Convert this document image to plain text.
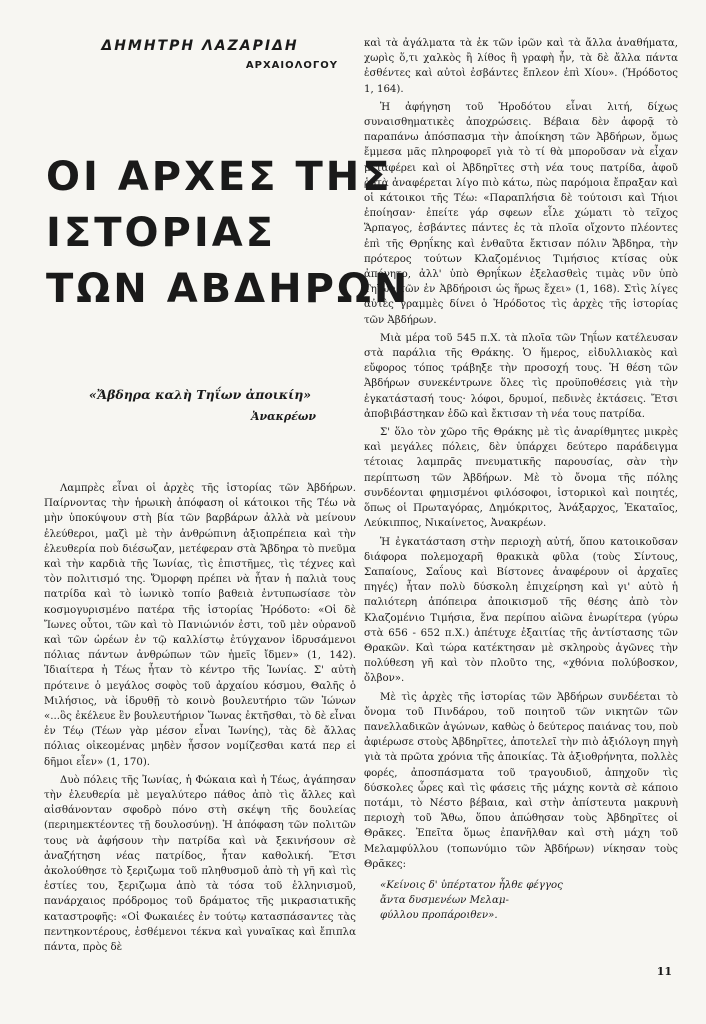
ΔΗΜΗΤΡΗ ΛΑΖΑΡΙΔΗ
ΑΡΧΑΙΟΛΟΓΟΥ
ΟΙ ΑΡΧΕΣ ΤΗΣ
ΙΣΤΟΡΙΑΣ
ΤΩΝ ΑΒΔΗΡΩΝ
«Ἄβδηρα καλὴ Τηΐων ἀποικίη»
Ἀνακρέων

Λαμπρὲς εἶναι οἱ ἀρχὲς τῆς ἱστορίας τῶν Ἀβδήρων. Παίρνοντας τὴν ἡρωικὴ ἀπόφαση οἱ κάτοικοι τῆς Τέω νὰ μὴν ὑποκύψουν στὴ βία τῶν βαρβάρων ἀλλὰ νὰ μείνουν ἐλεύθεροι, μαζὶ μὲ τὴν ἀνθρώπινη ἀξιοπρέπεια καὶ τὴν ἐλευθερία ποὺ διέσωζαν, μετέφεραν στὰ Ἄβδηρα τὸ πνεῦμα καὶ τὴν καρδιὰ τῆς Ἰωνίας, τὶς ἐπιστῆμες, τὶς τέχνες καὶ τὸν πολιτισμό της. Ὄμορφη πρέπει νὰ ἦταν ἡ παλιὰ τους πατρίδα καὶ τὸ ἰωνικὸ τοπίο βαθειὰ ἐντυπωσίασε τὸν κοσμογυρισμένο πατέρα τῆς ἱστορίας Ἡρόδοτο: «Οἱ δὲ Ἴωνες οὗτοι, τῶν καὶ τὸ Πανιώνιόν ἐστι, τοῦ μὲν οὐρανοῦ καὶ τῶν ὡρέων ἐν τῷ καλλίστῳ ἐτύγχανον ἱδρυσάμενοι πόλιας πάντων ἀνθρώπων τῶν ἡμεῖς ἴδμεν» (1, 142). Ἰδιαίτερα ἡ Τέως ἦταν τὸ κέντρο τῆς Ἰωνίας. Σ' αὐτὴ πρότεινε ὁ μεγάλος σοφὸς τοῦ ἀρχαίου κόσμου, Θαλῆς ὁ Μιλήσιος, νὰ ἱδρυθῇ τὸ κοινὸ βουλευτήριο τῶν Ἰώνων «...ὃς ἐκέλευε ἓν βουλευτήριον Ἴωνας ἐκτῆσθαι, τὸ δὲ εἶναι ἐν Τέῳ (Τέων γὰρ μέσον εἶναι Ἰωνίης), τὰς δὲ ἄλλας πόλιας οἰκεομένας μηδὲν ἧσσον νομίζεσθαι κατά περ εἰ δῆμοι εἶεν» (1, 170).

Δυὸ πόλεις τῆς Ἰωνίας, ἡ Φώκαια καὶ ἡ Τέως, ἀγάπησαν τὴν ἐλευθερία μὲ μεγαλύτερο πάθος ἀπὸ τὶς ἄλλες καὶ αἰσθάνονταν σφοδρὸ πόνο στὴ σκέψη τῆς δουλείας (περιημεκτέοντες τῇ δουλοσύνῃ). Ἡ ἀπόφαση τῶν πολιτῶν τους νὰ ἀφήσουν τὴν πατρίδα καὶ νὰ ξεκινήσουν σὲ ἀναζήτηση νέας πατρίδος, ἦταν καθολική. Ἔτσι ἀκολούθησε τὸ ξεριζωμα τοῦ πληθυσμοῦ ἀπὸ τὴ γῆ καὶ τὶς ἑστίες του, ξεριζωμα ἀπὸ τὰ τόσα τοῦ ἑλληνισμοῦ, πανάρχαιος πρόδρομος τοῦ δράματος τῆς μικρασιατικῆς καταστροφῆς: «Οἱ Φωκαιέες ἐν τούτῳ κατασπάσαντες τὰς πεντηκοντέρους, ἐσθέμενοι τέκνα καὶ γυναῖκας καὶ ἔπιπλα πάντα, πρὸς δὲ

καὶ τὰ ἀγάλματα τὰ ἐκ τῶν ἱρῶν καὶ τὰ ἄλλα ἀναθήματα, χωρὶς ὅ,τι χαλκὸς ἢ λίθος ἢ γραφὴ ἦν, τὰ δὲ ἄλλα πάντα ἐσθέντες καὶ αὐτοὶ ἐσβάντες ἔπλεον ἐπὶ Χίου». (Ἡρόδοτος 1, 164).

Ἡ ἀφήγηση τοῦ Ἡροδότου εἶναι λιτή, δίχως συναισθηματικὲς ἀποχρώσεις. Βέβαια δὲν ἀφορᾷ τὸ παραπάνω ἀπόσπασμα τὴν ἀποίκηση τῶν Ἀβδήρων, ὅμως ἔμμεσα μᾶς πληροφορεῖ γιὰ τὸ τί θὰ μποροῦσαν νὰ εἶχαν μεταφέρει καὶ οἱ Ἀβδηρῖτες στὴ νέα τους πατρίδα, ἀφοῦ ῥητὰ ἀναφέρεται λίγο πιὸ κάτω, πὼς παρόμοια ἔπραξαν καὶ οἱ κάτοικοι τῆς Τέω: «Παραπλήσια δὲ τούτοισι καὶ Τήιοι ἐποίησαν· ἐπείτε γάρ σφεων εἷλε χώματι τὸ τεῖχος Ἅρπαγος, ἐσβάντες πάντες ἐς τὰ πλοῖα οἴχοντο πλέοντες ἐπὶ τῆς Θρηΐκης καὶ ἐνθαῦτα ἔκτισαν πόλιν Ἄβδηρα, τὴν πρότερος τούτων Κλαζομένιος Τιμήσιος κτίσας οὐκ ἀπόνητο, ἀλλ' ὑπὸ Θρηΐκων ἐξελασθεὶς τιμὰς νῦν ὑπὸ Τηΐων τῶν ἐν Ἀβδήροισι ὡς ἥρως ἔχει» (1, 168). Στὶς λίγες αὐτὲς γραμμὲς δίνει ὁ Ἡρόδοτος τὶς ἀρχὲς τῆς ἱστορίας τῶν Ἀβδήρων.

Μιὰ μέρα τοῦ 545 π.Χ. τὰ πλοῖα τῶν Τηΐων κατέλευσαν στὰ παράλια τῆς Θράκης. Ὁ ἥμερος, εἰδυλλιακὸς καὶ εὔφορος τόπος τράβηξε τὴν προσοχή τους. Ἡ θέση τῶν Ἀβδήρων συνεκέντρωνε ὅλες τὶς προϋποθέσεις γιὰ τὴν ἐγκατάστασή τους· λόφοι, δρυμοί, πεδινὲς ἐκτάσεις. Ἔτσι ἀποβιβάστηκαν ἐδῶ καὶ ἔκτισαν τὴ νέα τους πατρίδα.

Σ' ὅλο τὸν χῶρο τῆς Θράκης μὲ τὶς ἀναρίθμητες μικρὲς καὶ μεγάλες πόλεις, δὲν ὑπάρχει δεύτερο παράδειγμα τέτοιας λαμπρᾶς πνευματικῆς παρουσίας, σὰν τὴν περίπτωση τῶν Ἀβδήρων. Μὲ τὸ ὄνομα τῆς πόλης συνδέονται φημισμένοι φιλόσοφοι, ἱστορικοὶ καὶ ποιητές, ὅπως οἱ Πρωταγόρας, Δημόκριτος, Ἀνάξαρχος, Ἑκαταῖος, Λεύκιππος, Νικαίνετος, Ἀνακρέων.

Ἡ ἐγκατάσταση στὴν περιοχὴ αὐτή, ὅπου κατοικοῦσαν διάφορα πολεμοχαρῆ θρακικὰ φῦλα (τοὺς Σίντους, Σαπαίους, Σαΐους καὶ Βίστονες ἀναφέρουν οἱ ἀρχαῖες πηγές) ἦταν πολὺ δύσκολη ἐπιχείρηση καὶ γι' αὐτὸ ἡ παλιότερη ἀπόπειρα ἀποικισμοῦ τῆς θέσης ἀπὸ τὸν Κλαζομένιο Τιμήσια, ἕνα περίπου αἰῶνα ἐνωρίτερα (γύρω στὰ 656 - 652 π.Χ.) ἀπέτυχε ἐξαιτίας τῆς ἀντίστασης τῶν Θρακῶν. Καὶ τώρα κατέκτησαν μὲ σκληροὺς ἀγῶνες τὴν πολύθεση γῆ καὶ τὸν πλοῦτο της, «χθόνια πολύβοσκον, ὄλβον».

Μὲ τὶς ἀρχὲς τῆς ἱστορίας τῶν Ἀβδήρων συνδέεται τὸ ὄνομα τοῦ Πινδάρου, τοῦ ποιητοῦ τῶν νικητῶν τῶν πανελλαδικῶν ἀγώνων, καθὼς ὁ δεύτερος παιάνας του, ποὺ ἀφιέρωσε στοὺς Ἀβδηρῖτες, ἀποτελεῖ τὴν πιὸ ἀξιόλογη πηγὴ γιὰ τὰ πρῶτα χρόνια τῆς ἀποικίας. Τὰ ἀξιοθρήνητα, πολλὲς φορές, ἀποσπάσματα τοῦ τραγουδιοῦ, ἀπηχοῦν τὶς δύσκολες ὧρες καὶ τὶς φάσεις τῆς μάχης κοντὰ σὲ κάποιο ποτάμι, τὸ Νέστο βέβαια, καὶ στὴν ἀπίστευτα μακρυνὴ περιοχὴ τοῦ Ἄθω, ὅπου ἀπώθησαν τοὺς Ἀβδηρῖτες οἱ Θρᾶκες. Ἐπεῖτα ὅμως ἐπανῆλθαν καὶ στὴ μάχη τοῦ Μελαμφύλλου (τοπωνύμιο τῶν Ἀβδήρων) νίκησαν τοὺς Θρᾶκες:

«Κείνοις δ' ὑπέρτατον ἦλθε φέγγος
ἄντα δυσμενέων Μελαμ-
φύλλου προπάροιθεν».
11
